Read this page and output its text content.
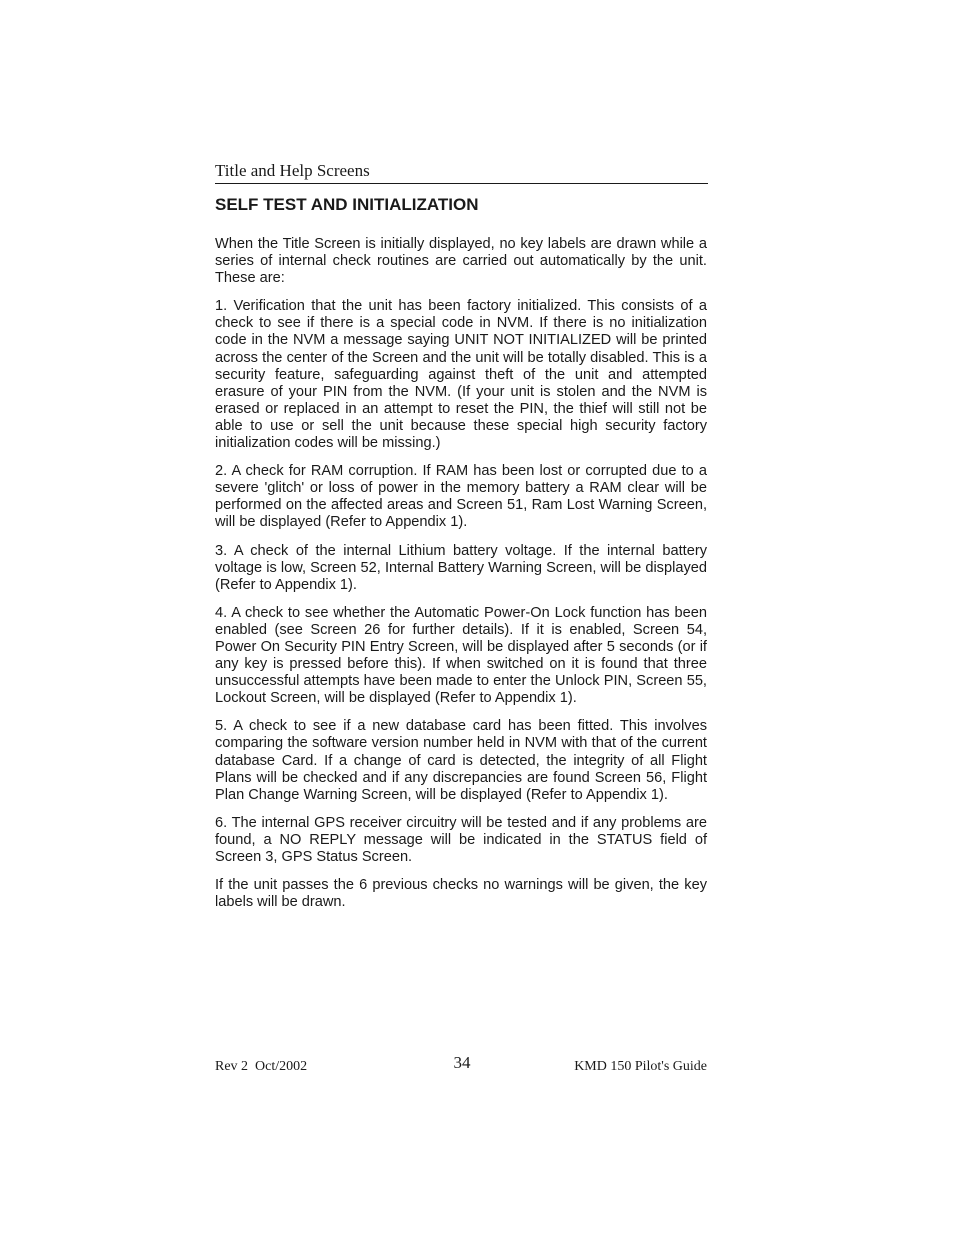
Title and Help Screens
SELF TEST AND INITIALIZATION

When the Title Screen is initially displayed, no key labels are drawn while a series of internal check routines are carried out automatically by the unit. These are:

1. Verification that the unit has been factory initialized. This consists of a check to see if there is a special code in NVM. If there is no initialization code in the NVM a message saying UNIT NOT INITIALIZED will be printed across the center of the Screen and the unit will be totally disabled. This is a security feature, safeguarding against theft of the unit and attempted erasure of your PIN from the NVM. (If your unit is stolen and the NVM is erased or replaced in an attempt to reset the PIN, the thief will still not be able to use or sell the unit because these special high security factory initialization codes will be missing.)

2. A check for RAM corruption. If RAM has been lost or corrupted due to a severe 'glitch' or loss of power in the memory battery a RAM clear will be performed on the affected areas and Screen 51, Ram Lost Warning Screen, will be displayed (Refer to Appendix 1).

3. A check of the internal Lithium battery voltage. If the internal battery voltage is low, Screen 52, Internal Battery Warning Screen, will be displayed (Refer to Appendix 1).

4. A check to see whether the Automatic Power-On Lock function has been enabled (see Screen 26 for further details). If it is enabled, Screen 54, Power On Security PIN Entry Screen, will be displayed after 5 seconds (or if any key is pressed before this). If when switched on it is found that three unsuccessful attempts have been made to enter the Unlock PIN, Screen 55, Lockout Screen, will be displayed (Refer to Appendix 1).

5. A check to see if a new database card has been fitted. This involves comparing the software version number held in NVM with that of the current database Card. If a change of card is detected, the integrity of all Flight Plans will be checked and if any discrepancies are found Screen 56, Flight Plan Change Warning Screen, will be displayed (Refer to Appendix 1).

6. The internal GPS receiver circuitry will be tested and if any problems are found, a NO REPLY message will be indicated in the STATUS field of Screen 3, GPS Status Screen.

If the unit passes the 6 previous checks no warnings will be given, the key labels will be drawn.

Rev 2  Oct/2002	34	KMD 150 Pilot's Guide
